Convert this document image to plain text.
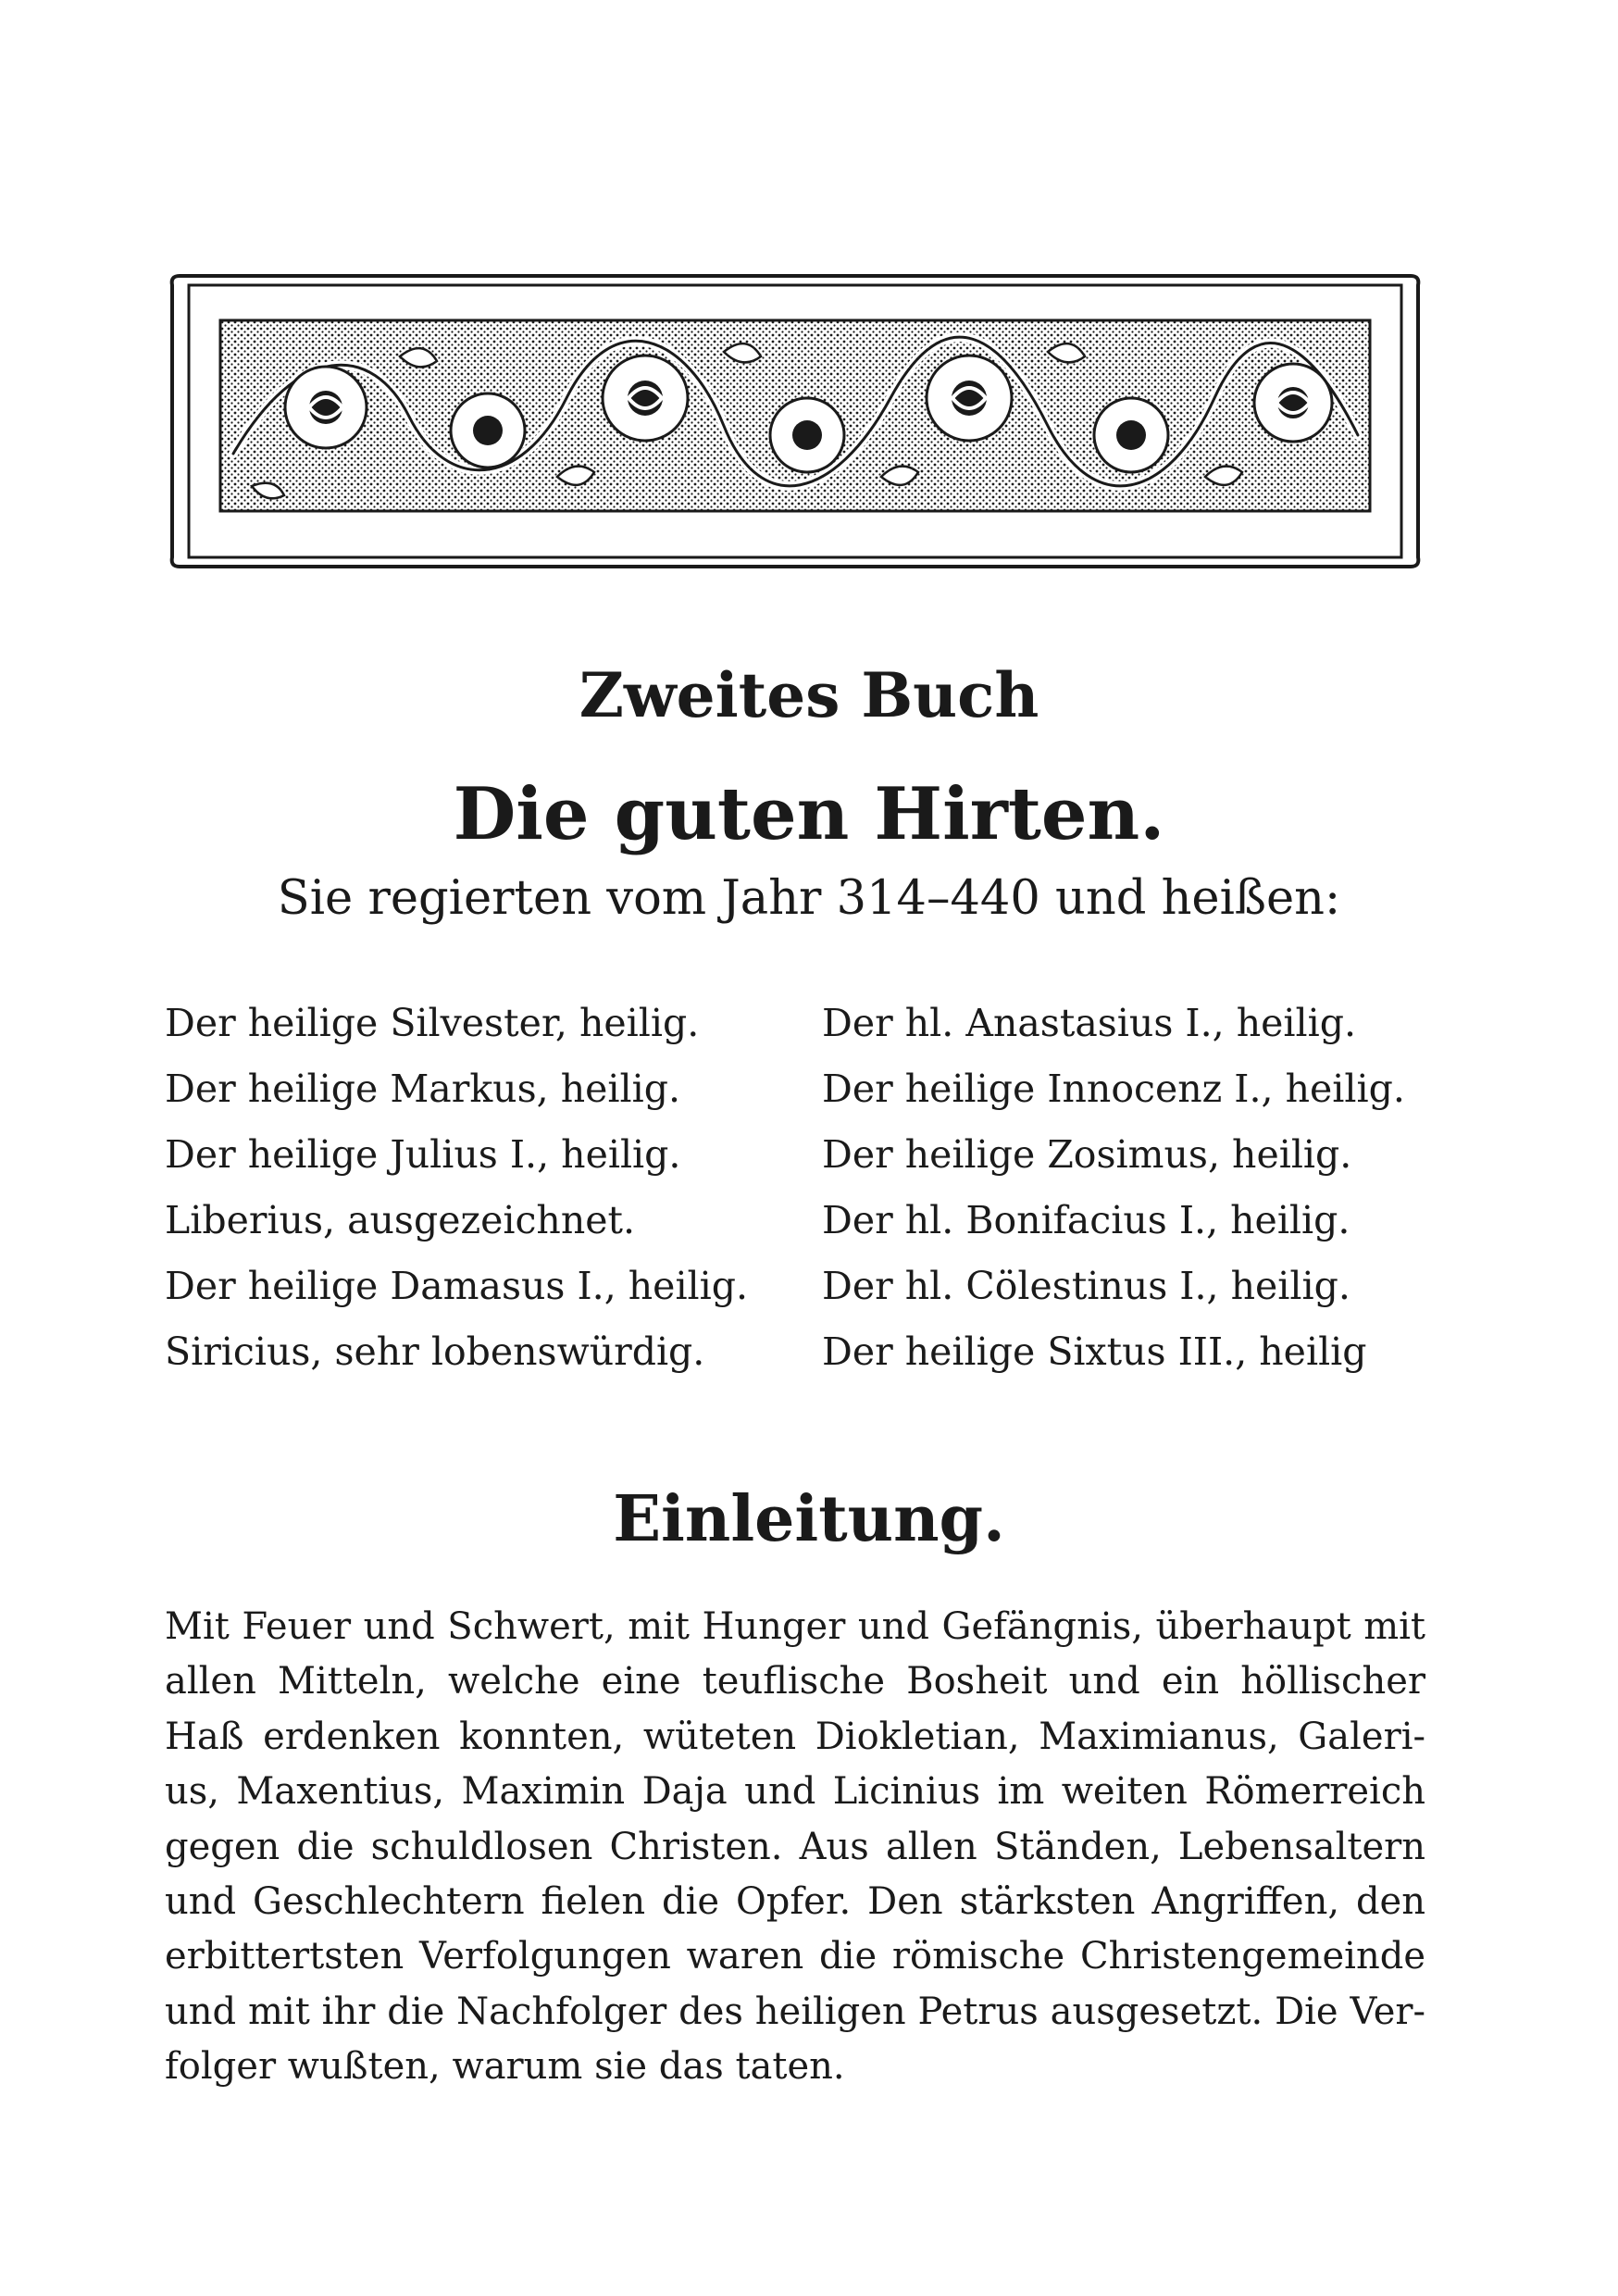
Zweites Buch
Die guten Hirten.
Sie regierten vom Jahr 314–440 und heißen:
Der heilige Silvester, heilig.
Der heilige Markus, heilig.
Der heilige Julius I., heilig.
Liberius, ausgezeichnet.
Der heilige Damasus I., heilig.
Siricius, sehr lobenswürdig.
Der hl. Anastasius I., heilig.
Der heilige Innocenz I., heilig.
Der heilige Zosimus, heilig.
Der hl. Bonifacius I., heilig.
Der hl. Cölestinus I., heilig.
Der heilige Sixtus III., heilig
Einleitung.
Mit Feuer und Schwert, mit Hunger und Gefängnis, überhaupt mit
allen Mitteln, welche eine teuflische Bosheit und ein höllischer
Haß erdenken konnten, wüteten Diokletian, Maximianus, Galeri-
us, Maxentius, Maximin Daja und Licinius im weiten Römerreich
gegen die schuldlosen Christen. Aus allen Ständen, Lebensaltern
und Geschlechtern fielen die Opfer. Den stärksten Angriffen, den
erbittertsten Verfolgungen waren die römische Christengemeinde
und mit ihr die Nachfolger des heiligen Petrus ausgesetzt. Die Ver-
folger wußten, warum sie das taten.
